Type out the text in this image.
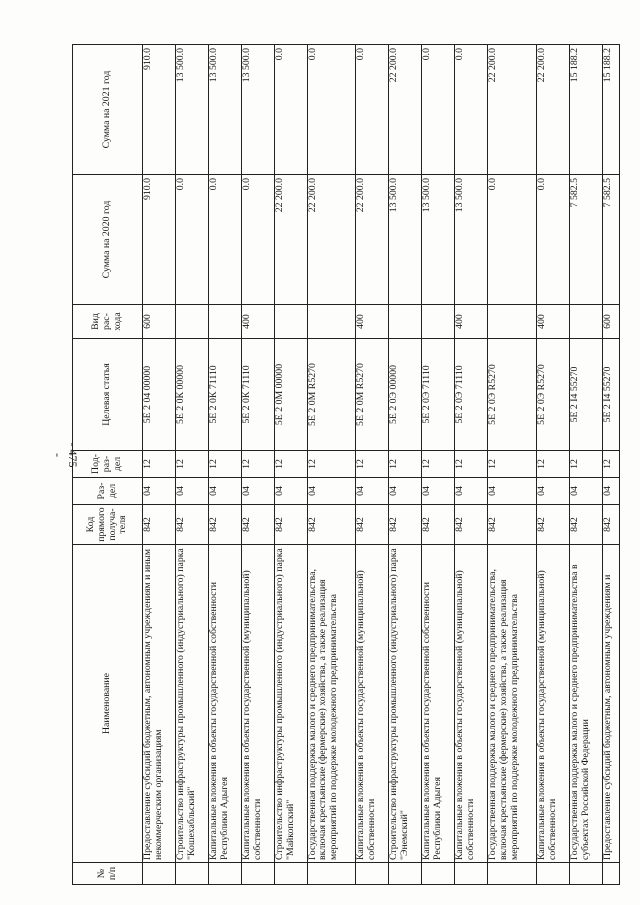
- 475 -
№ п/п	Наименование	Код прямого получа-теля	Раз-дел	Под-раз-дел	Целевая статья	Вид рас-хода	Сумма на 2020 год	Сумма на 2021 год
	Предоставление субсидий бюджетным, автономным учреждениям и иным некоммерческим организациям	842	04	12	5Е 2 04 00000	600	910.0	910.0
	Строительство инфраструктуры промышленного (индустриального) парка "Кошехабльский"	842	04	12	5Е 2 0К 00000		0.0	13 500.0
	Капитальные вложения в объекты государственной собственности Республики Адыгея	842	04	12	5Е 2 0К 71110		0.0	13 500.0
	Капитальные вложения в объекты государственной (муниципальной) собственности	842	04	12	5Е 2 0К 71110	400	0.0	13 500.0
	Строительство инфраструктуры промышленного (индустриального) парка "Майкопский"	842	04	12	5Е 2 0М 00000		22 200.0	0.0
	Государственная поддержка малого и среднего предпринимательства, включая крестьянские (фермерские) хозяйства, а также реализация мероприятий по поддержке молодежного предпринимательства	842	04	12	5Е 2 0М R5270		22 200.0	0.0
	Капитальные вложения в объекты государственной (муниципальной) собственности	842	04	12	5Е 2 0М R5270	400	22 200.0	0.0
	Строительство инфраструктуры промышленного (индустриального) парка "Энемский"	842	04	12	5Е 2 0Э 00000		13 500.0	22 200.0
	Капитальные вложения в объекты государственной собственности Республики Адыгея	842	04	12	5Е 2 0Э 71110		13 500.0	0.0
	Капитальные вложения в объекты государственной (муниципальной) собственности	842	04	12	5Е 2 0Э 71110	400	13 500.0	0.0
	Государственная поддержка малого и среднего предпринимательства, включая крестьянские (фермерские) хозяйства, а также реализация мероприятий по поддержке молодежного предпринимательства	842	04	12	5Е 2 0Э R5270		0.0	22 200.0
	Капитальные вложения в объекты государственной (муниципальной) собственности	842	04	12	5Е 2 0Э R5270	400	0.0	22 200.0
	Государственная поддержка малого и среднего предпринимательства в субъектах Российской Федерации	842	04	12	5Е 2 I4 55270		7 582.5	15 188.2
	Предоставление субсидий бюджетным, автономным учреждениям и	842	04	12	5Е 2 I4 55270	600	7 582.5	15 188.2
